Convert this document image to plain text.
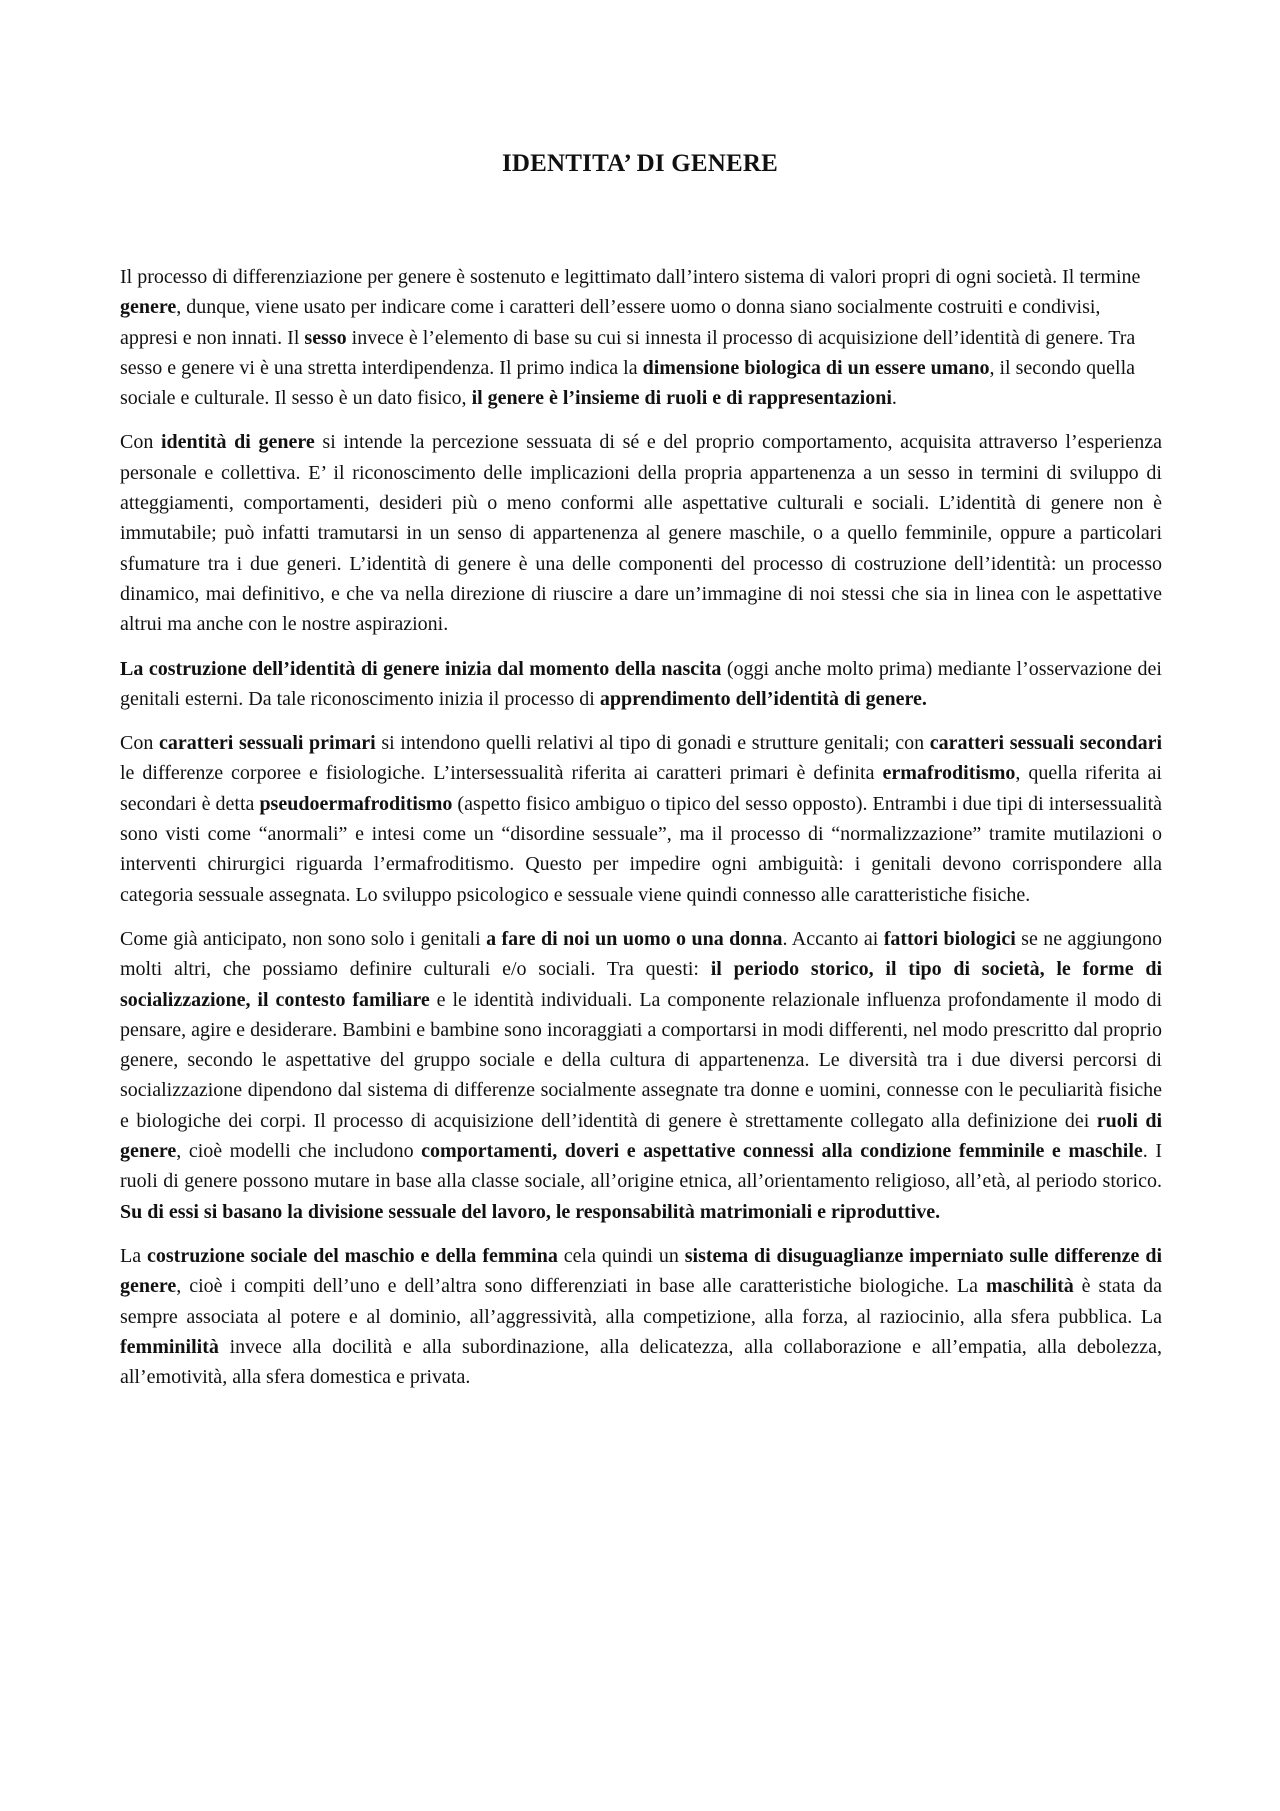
IDENTITA’ DI GENERE

Il processo di differenziazione per genere è sostenuto e legittimato dall’intero sistema di valori propri di ogni società. Il termine genere, dunque, viene usato per indicare come i caratteri dell’essere uomo o donna siano socialmente costruiti e condivisi, appresi e non innati. Il sesso invece è l’elemento di base su cui si innesta il processo di acquisizione dell’identità di genere. Tra sesso e genere vi è una stretta interdipendenza. Il primo indica la dimensione biologica di un essere umano, il secondo quella sociale e culturale. Il sesso è un dato fisico, il genere è l’insieme di ruoli e di rappresentazioni.

Con identità di genere si intende la percezione sessuata di sé e del proprio comportamento, acquisita attraverso l’esperienza personale e collettiva. E’ il riconoscimento delle implicazioni della propria appartenenza a un sesso in termini di sviluppo di atteggiamenti, comportamenti, desideri più o meno conformi alle aspettative culturali e sociali. L’identità di genere non è immutabile; può infatti tramutarsi in un senso di appartenenza al genere maschile, o a quello femminile, oppure a particolari sfumature tra i due generi. L’identità di genere è una delle componenti del processo di costruzione dell’identità: un processo dinamico, mai definitivo, e che va nella direzione di riuscire a dare un’immagine di noi stessi che sia in linea con le aspettative altrui ma anche con le nostre aspirazioni.

La costruzione dell’identità di genere inizia dal momento della nascita (oggi anche molto prima) mediante l’osservazione dei genitali esterni. Da tale riconoscimento inizia il processo di apprendimento dell’identità di genere.

Con caratteri sessuali primari si intendono quelli relativi al tipo di gonadi e strutture genitali; con caratteri sessuali secondari le differenze corporee e fisiologiche. L’intersessualità riferita ai caratteri primari è definita ermafroditismo, quella riferita ai secondari è detta pseudoermafroditismo (aspetto fisico ambiguo o tipico del sesso opposto). Entrambi i due tipi di intersessualità sono visti come “anormali” e intesi come un “disordine sessuale”, ma il processo di “normalizzazione” tramite mutilazioni o interventi chirurgici riguarda l’ermafroditismo. Questo per impedire ogni ambiguità: i genitali devono corrispondere alla categoria sessuale assegnata. Lo sviluppo psicologico e sessuale viene quindi connesso alle caratteristiche fisiche.

Come già anticipato, non sono solo i genitali a fare di noi un uomo o una donna. Accanto ai fattori biologici se ne aggiungono molti altri, che possiamo definire culturali e/o sociali. Tra questi: il periodo storico, il tipo di società, le forme di socializzazione, il contesto familiare e le identità individuali. La componente relazionale influenza profondamente il modo di pensare, agire e desiderare. Bambini e bambine sono incoraggiati a comportarsi in modi differenti, nel modo prescritto dal proprio genere, secondo le aspettative del gruppo sociale e della cultura di appartenenza. Le diversità tra i due diversi percorsi di socializzazione dipendono dal sistema di differenze socialmente assegnate tra donne e uomini, connesse con le peculiarità fisiche e biologiche dei corpi. Il processo di acquisizione dell’identità di genere è strettamente collegato alla definizione dei ruoli di genere, cioè modelli che includono comportamenti, doveri e aspettative connessi alla condizione femminile e maschile. I ruoli di genere possono mutare in base alla classe sociale, all’origine etnica, all’orientamento religioso, all’età, al periodo storico. Su di essi si basano la divisione sessuale del lavoro, le responsabilità matrimoniali e riproduttive.

La costruzione sociale del maschio e della femmina cela quindi un sistema di disuguaglianze imperniato sulle differenze di genere, cioè i compiti dell’uno e dell’altra sono differenziati in base alle caratteristiche biologiche. La maschilità è stata da sempre associata al potere e al dominio, all’aggressività, alla competizione, alla forza, al raziocinio, alla sfera pubblica. La femminilità invece alla docilità e alla subordinazione, alla delicatezza, alla collaborazione e all’empatia, alla debolezza, all’emotività, alla sfera domestica e privata.
